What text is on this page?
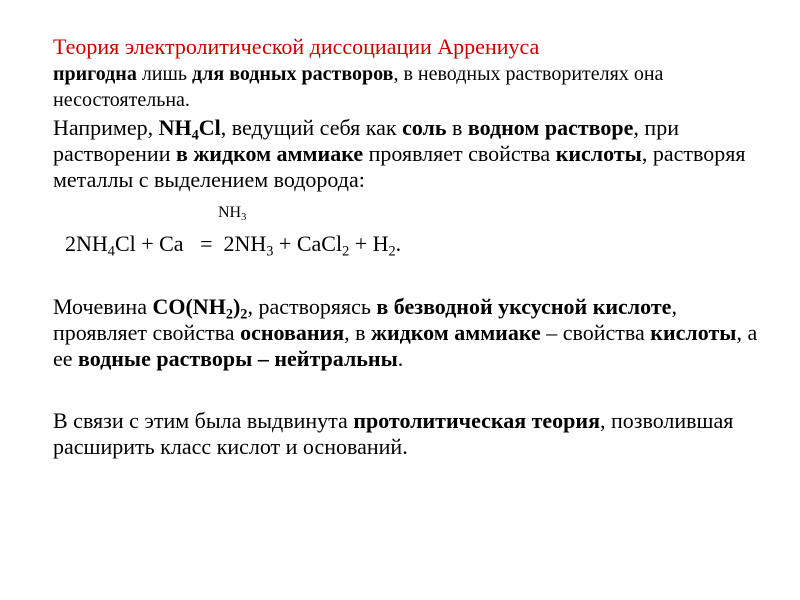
Теория электролитической диссоциации Аррениуса
пригодна лишь для водных растворов, в неводных растворителях она несостоятельна.
Например, $NH_4Cl$, ведущий себя как соль в водном растворе, при растворении в жидком аммиаке проявляет свойства кислоты, растворяя металлы с выделением водорода:
$NH_3$
$2NH_4Cl + Ca = 2NH_3$ + CaCl$_2$ + $H_2$.
Мочевина $CO(NH_2)_2$, растворяясь в безводной уксусной кислоте, проявляет свойства основания, в жидком аммиаке – свойства кислоты, а ее водные растворы – нейтральны.
В связи с этим была выдвинута протолитическая теория, позволившая расширить класс кислот и оснований.
